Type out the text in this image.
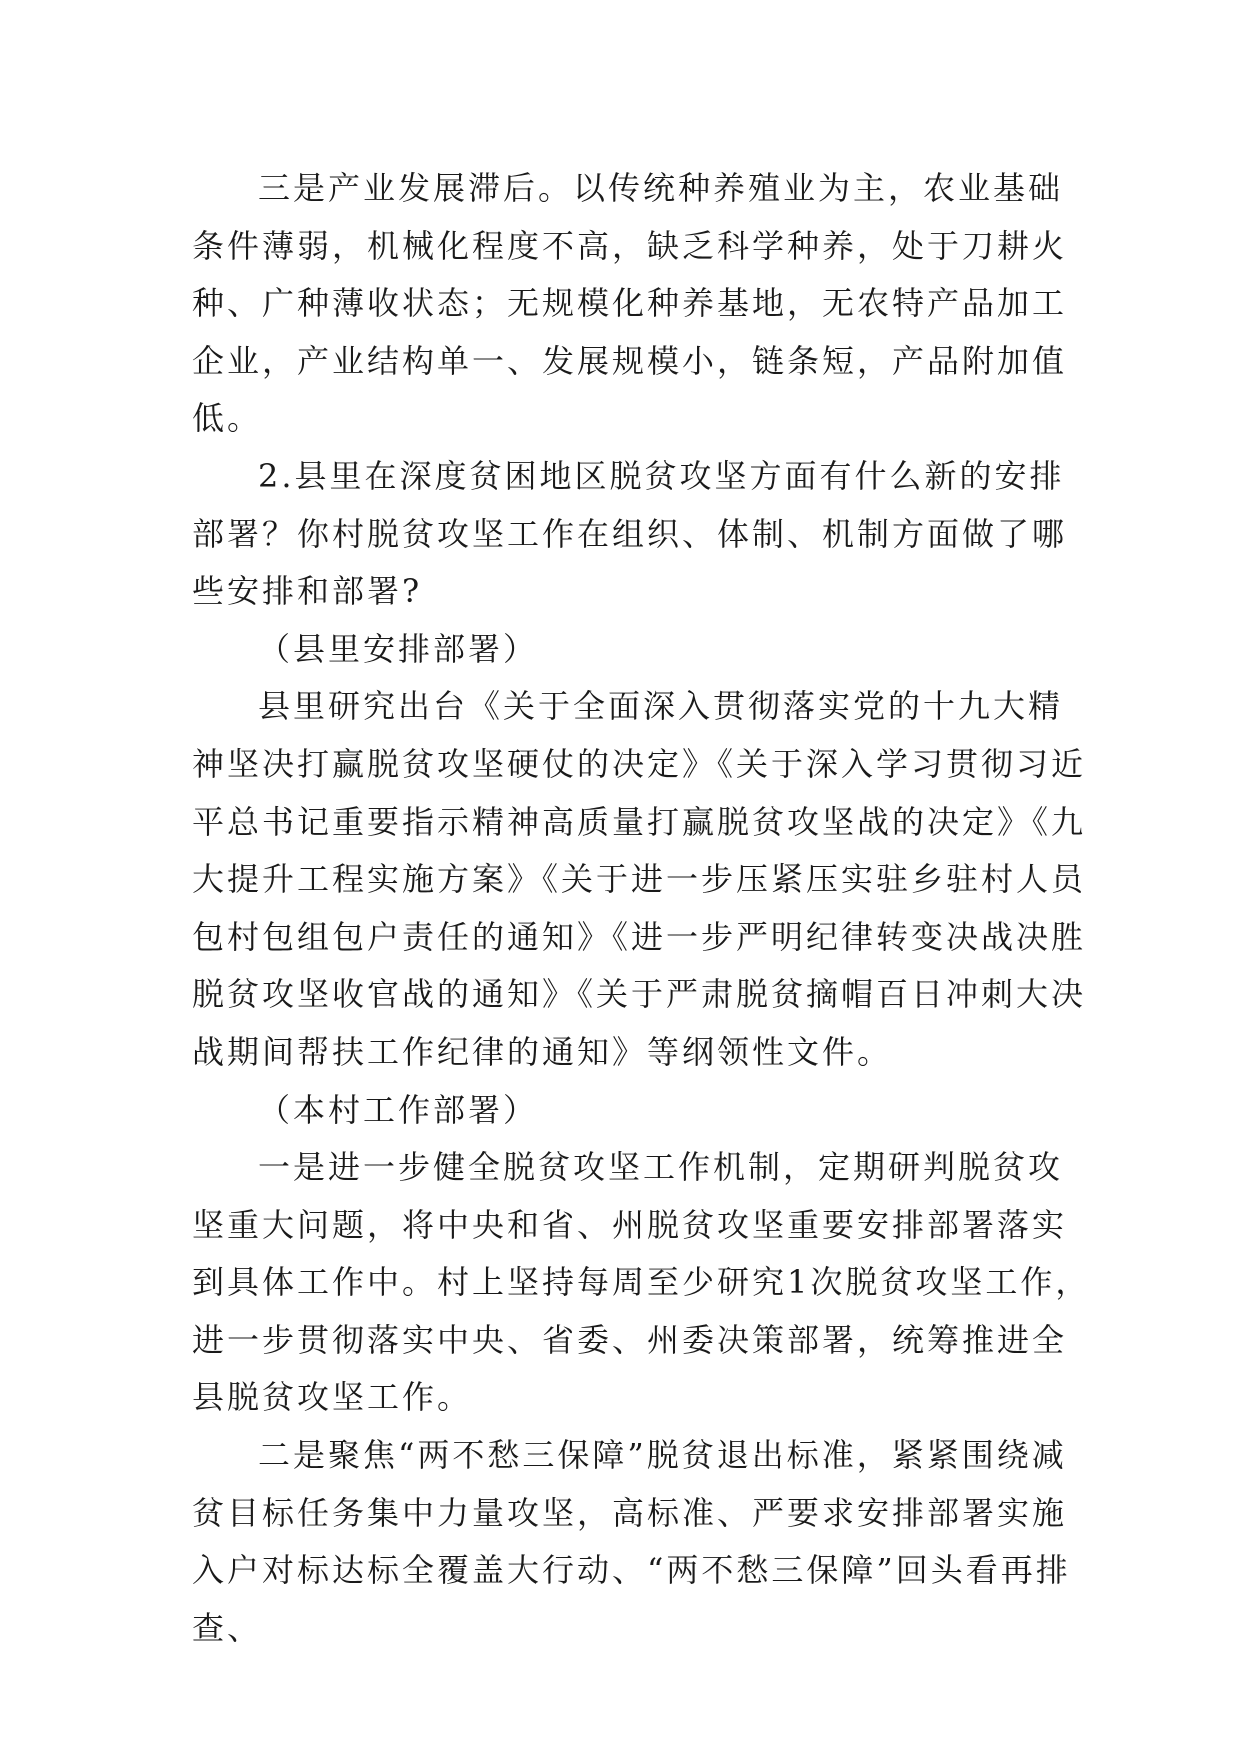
三是产业发展滞后。以传统种养殖业为主，农业基础条件薄弱，机械化程度不高，缺乏科学种养，处于刀耕火种、广种薄收状态；无规模化种养基地，无农特产品加工企业，产业结构单一、发展规模小，链条短，产品附加值低。

2.县里在深度贫困地区脱贫攻坚方面有什么新的安排部署？你村脱贫攻坚工作在组织、体制、机制方面做了哪些安排和部署?

（县里安排部署）

县里研究出台《关于全面深入贯彻落实党的十九大精神坚决打赢脱贫攻坚硬仗的决定》《关于深入学习贯彻习近平总书记重要指示精神高质量打赢脱贫攻坚战的决定》《九大提升工程实施方案》《关于进一步压紧压实驻乡驻村人员包村包组包户责任的通知》《进一步严明纪律转变决战决胜脱贫攻坚收官战的通知》《关于严肃脱贫摘帽百日冲刺大决战期间帮扶工作纪律的通知》等纲领性文件。

（本村工作部署）

一是进一步健全脱贫攻坚工作机制，定期研判脱贫攻坚重大问题，将中央和省、州脱贫攻坚重要安排部署落实到具体工作中。村上坚持每周至少研究1次脱贫攻坚工作，进一步贯彻落实中央、省委、州委决策部署，统筹推进全县脱贫攻坚工作。

二是聚焦“两不愁三保障”脱贫退出标准，紧紧围绕减贫目标任务集中力量攻坚，高标准、严要求安排部署实施入户对标达标全覆盖大行动、“两不愁三保障”回头看再排查、
